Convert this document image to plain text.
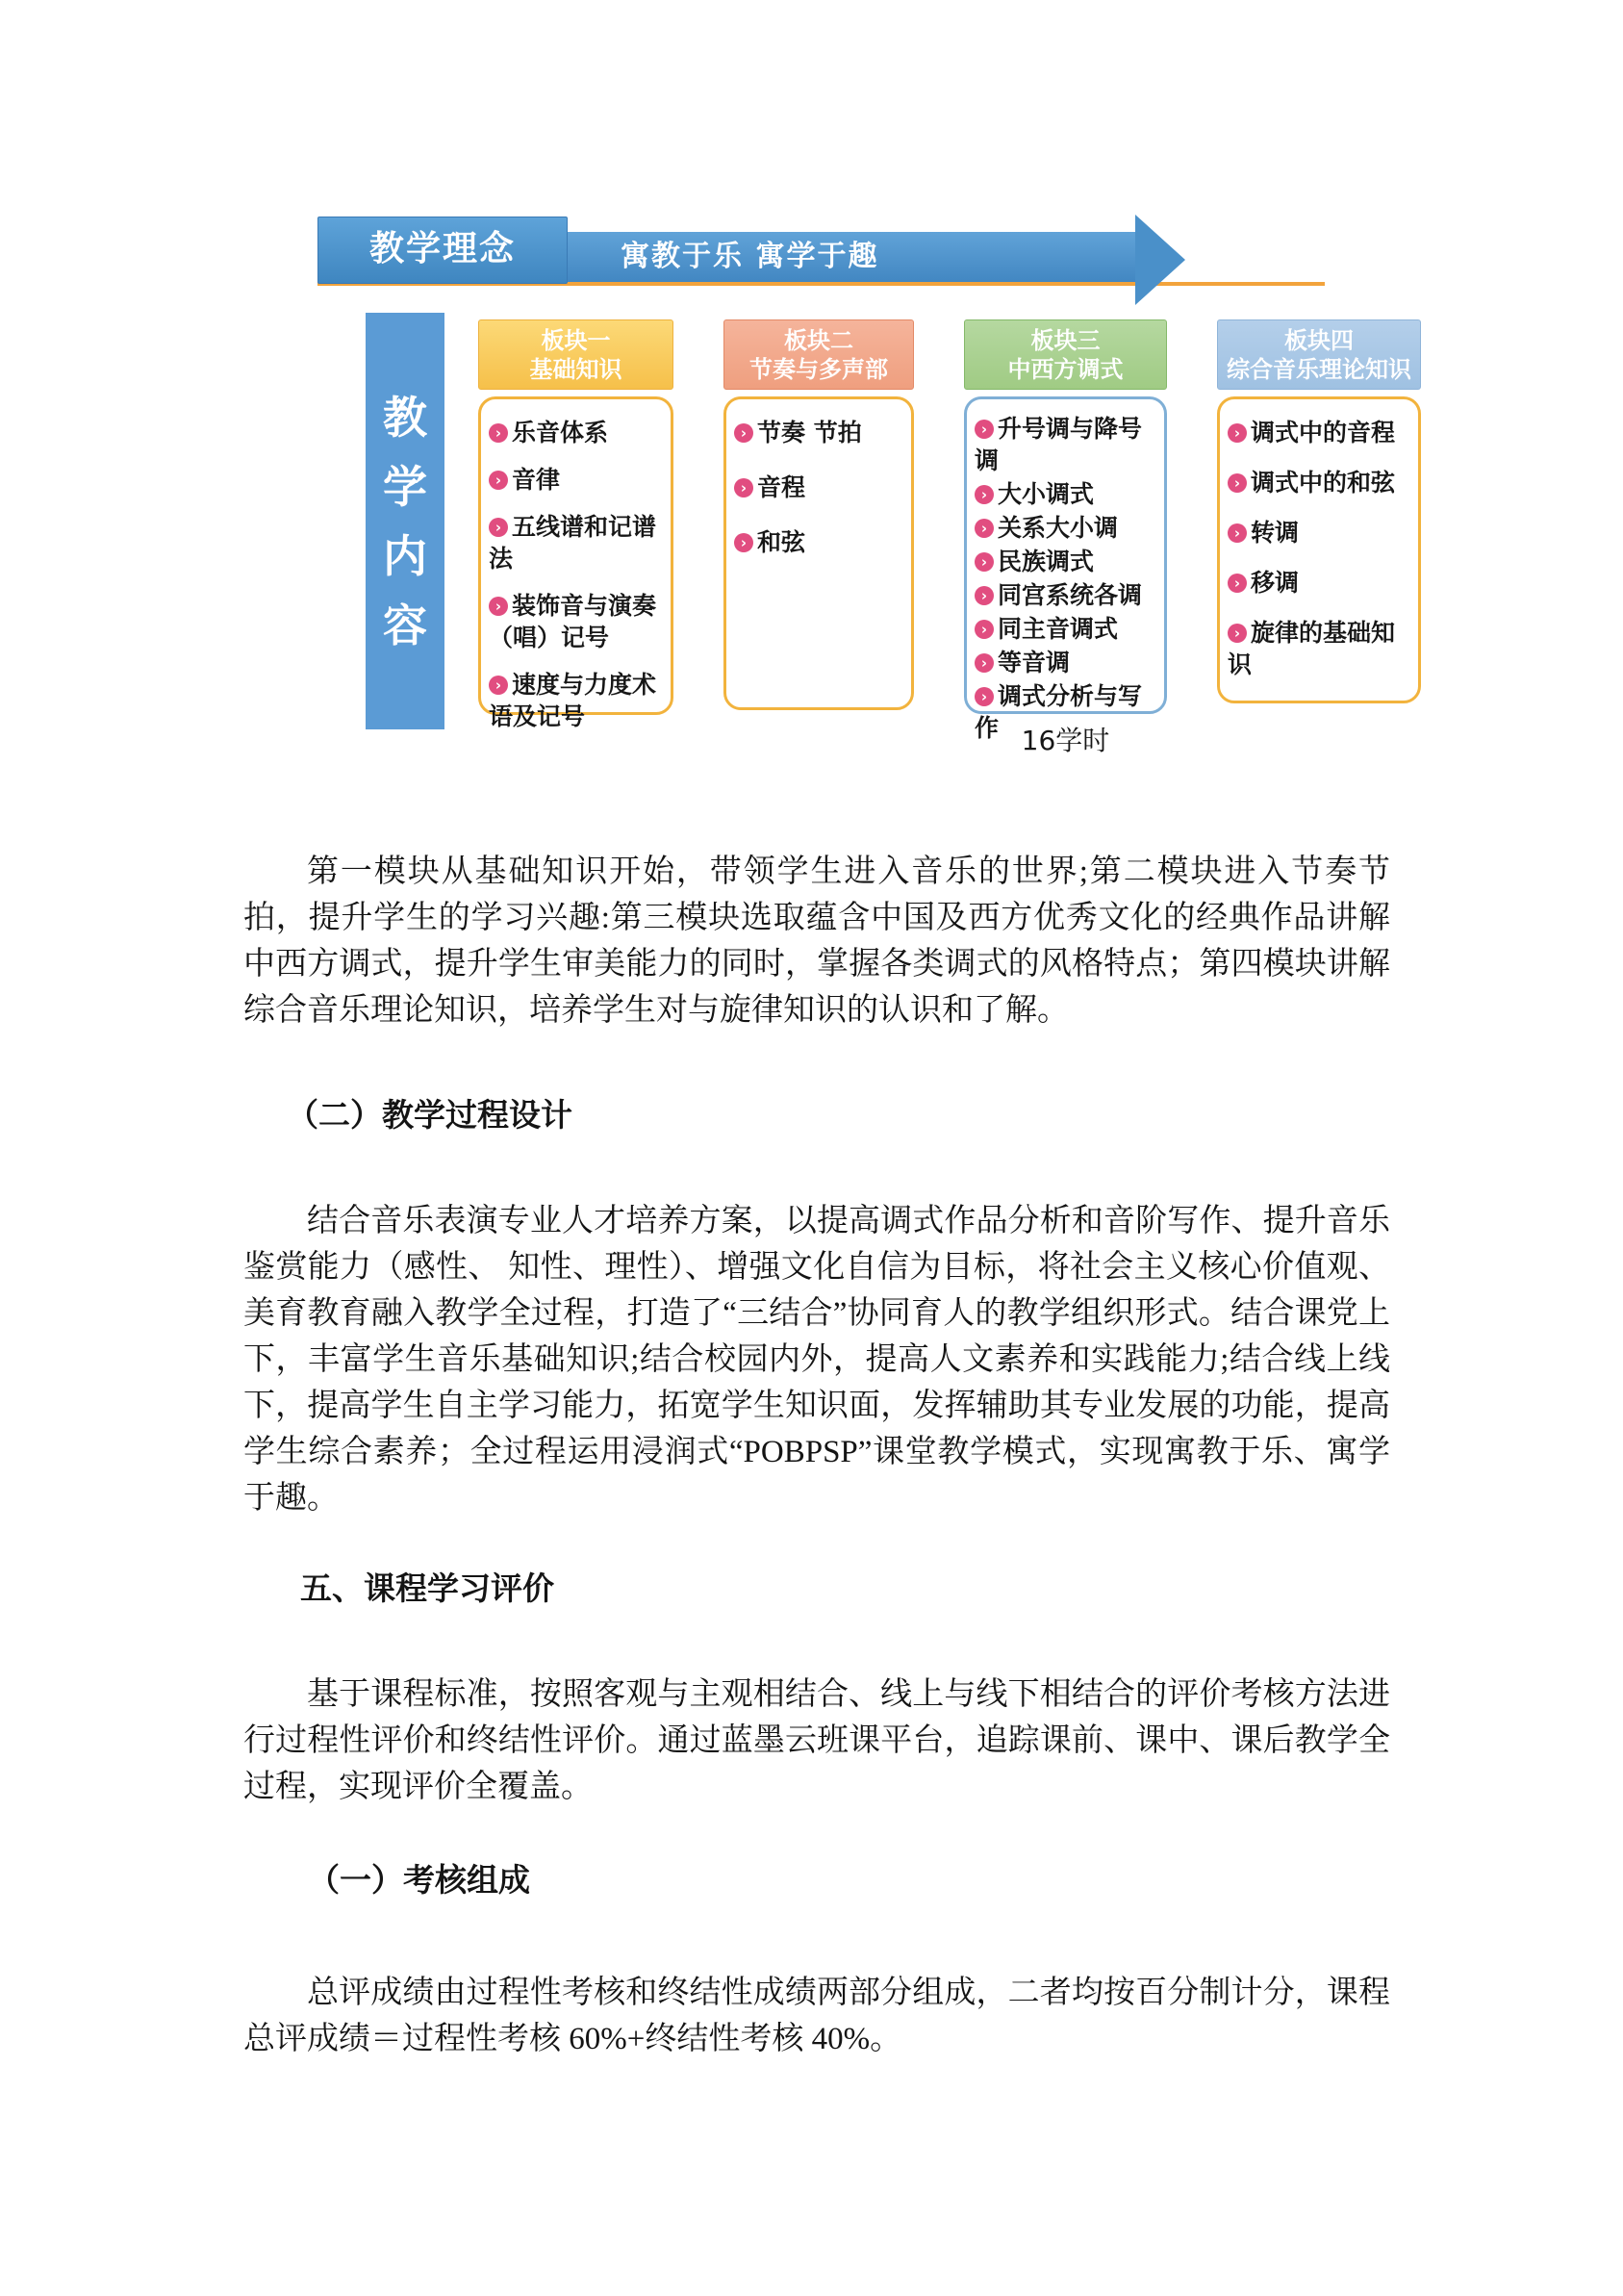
寓教于乐 寓学于趣
教学理念
教
学
内
容
板块一
基础知识
› 乐音体系
› 音律
› 五线谱和记谱法
› 装饰音与演奏（唱）记号
› 速度与力度术语及记号
板块二
节奏与多声部
› 节奏 节拍
› 音程
› 和弦
板块三
中西方调式
› 升号调与降号调
› 大小调式
› 关系大小调
› 民族调式
› 同宫系统各调
› 同主音调式
› 等音调
› 调式分析与写作
板块四
综合音乐理论知识
› 调式中的音程
› 调式中的和弦
› 转调
› 移调
› 旋律的基础知识
16学时

第一模块从基础知识开始，带领学生进入音乐的世界;第二模块进入节奏节拍，提升学生的学习兴趣:第三模块选取蕴含中国及西方优秀文化的经典作品讲解中西方调式，提升学生审美能力的同时，掌握各类调式的风格特点；第四模块讲解综合音乐理论知识，培养学生对与旋律知识的认识和了解。

（二）教学过程设计

结合音乐表演专业人才培养方案，以提高调式作品分析和音阶写作、提升音乐鉴赏能力（感性、 知性、理性）、增强文化自信为目标，将社会主义核心价值观、美育教育融入教学全过程，打造了“三结合”协同育人的教学组织形式。结合课党上下，丰富学生音乐基础知识;结合校园内外，提高人文素养和实践能力;结合线上线下，提高学生自主学习能力，拓宽学生知识面，发挥辅助其专业发展的功能，提高学生综合素养；全过程运用浸润式“POBPSP”课堂教学模式，实现寓教于乐、寓学于趣。

五、课程学习评价

基于课程标准，按照客观与主观相结合、线上与线下相结合的评价考核方法进行过程性评价和终结性评价。通过蓝墨云班课平台，追踪课前、课中、课后教学全过程，实现评价全覆盖。

（一）考核组成

总评成绩由过程性考核和终结性成绩两部分组成，二者均按百分制计分，课程总评成绩＝过程性考核 60%+终结性考核 40%。
